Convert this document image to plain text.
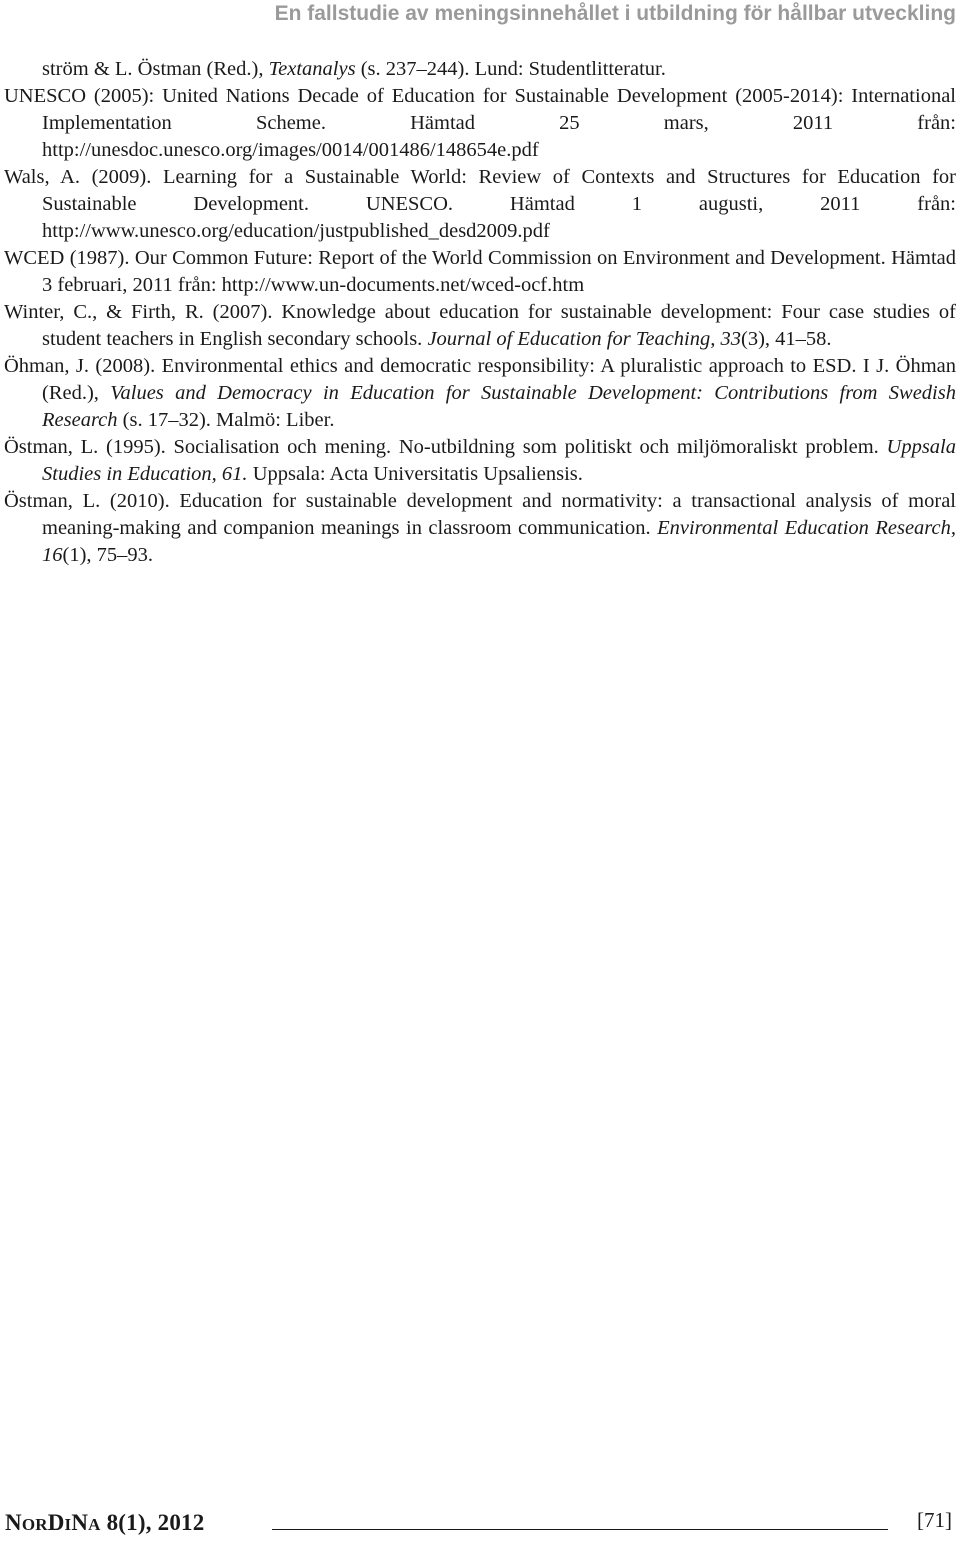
En fallstudie av meningsinnehållet i utbildning för hållbar utveckling
ström & L. Östman (Red.), Textanalys (s. 237–244). Lund: Studentlitteratur.
UNESCO (2005): United Nations Decade of Education for Sustainable Development (2005-2014): International Implementation Scheme. Hämtad 25 mars, 2011 från: http://unesdoc.unesco.org/images/0014/001486/148654e.pdf
Wals, A. (2009). Learning for a Sustainable World: Review of Contexts and Structures for Education for Sustainable Development. UNESCO. Hämtad 1 augusti, 2011 från: http://www.unesco.org/education/justpublished_desd2009.pdf
WCED (1987). Our Common Future: Report of the World Commission on Environment and Development. Hämtad 3 februari, 2011 från: http://www.un-documents.net/wced-ocf.htm
Winter, C., & Firth, R. (2007). Knowledge about education for sustainable development: Four case studies of student teachers in English secondary schools. Journal of Education for Teaching, 33(3), 41–58.
Öhman, J. (2008). Environmental ethics and democratic responsibility: A pluralistic approach to ESD. I J. Öhman (Red.), Values and Democracy in Education for Sustainable Development: Contributions from Swedish Research (s. 17–32). Malmö: Liber.
Östman, L. (1995). Socialisation och mening. No-utbildning som politiskt och miljömoraliskt problem. Uppsala Studies in Education, 61. Uppsala: Acta Universitatis Upsaliensis.
Östman, L. (2010). Education for sustainable development and normativity: a transactional analysis of moral meaning-making and companion meanings in classroom communication. Environmental Education Research, 16(1), 75–93.
NORDINA 8(1), 2012	[71]
